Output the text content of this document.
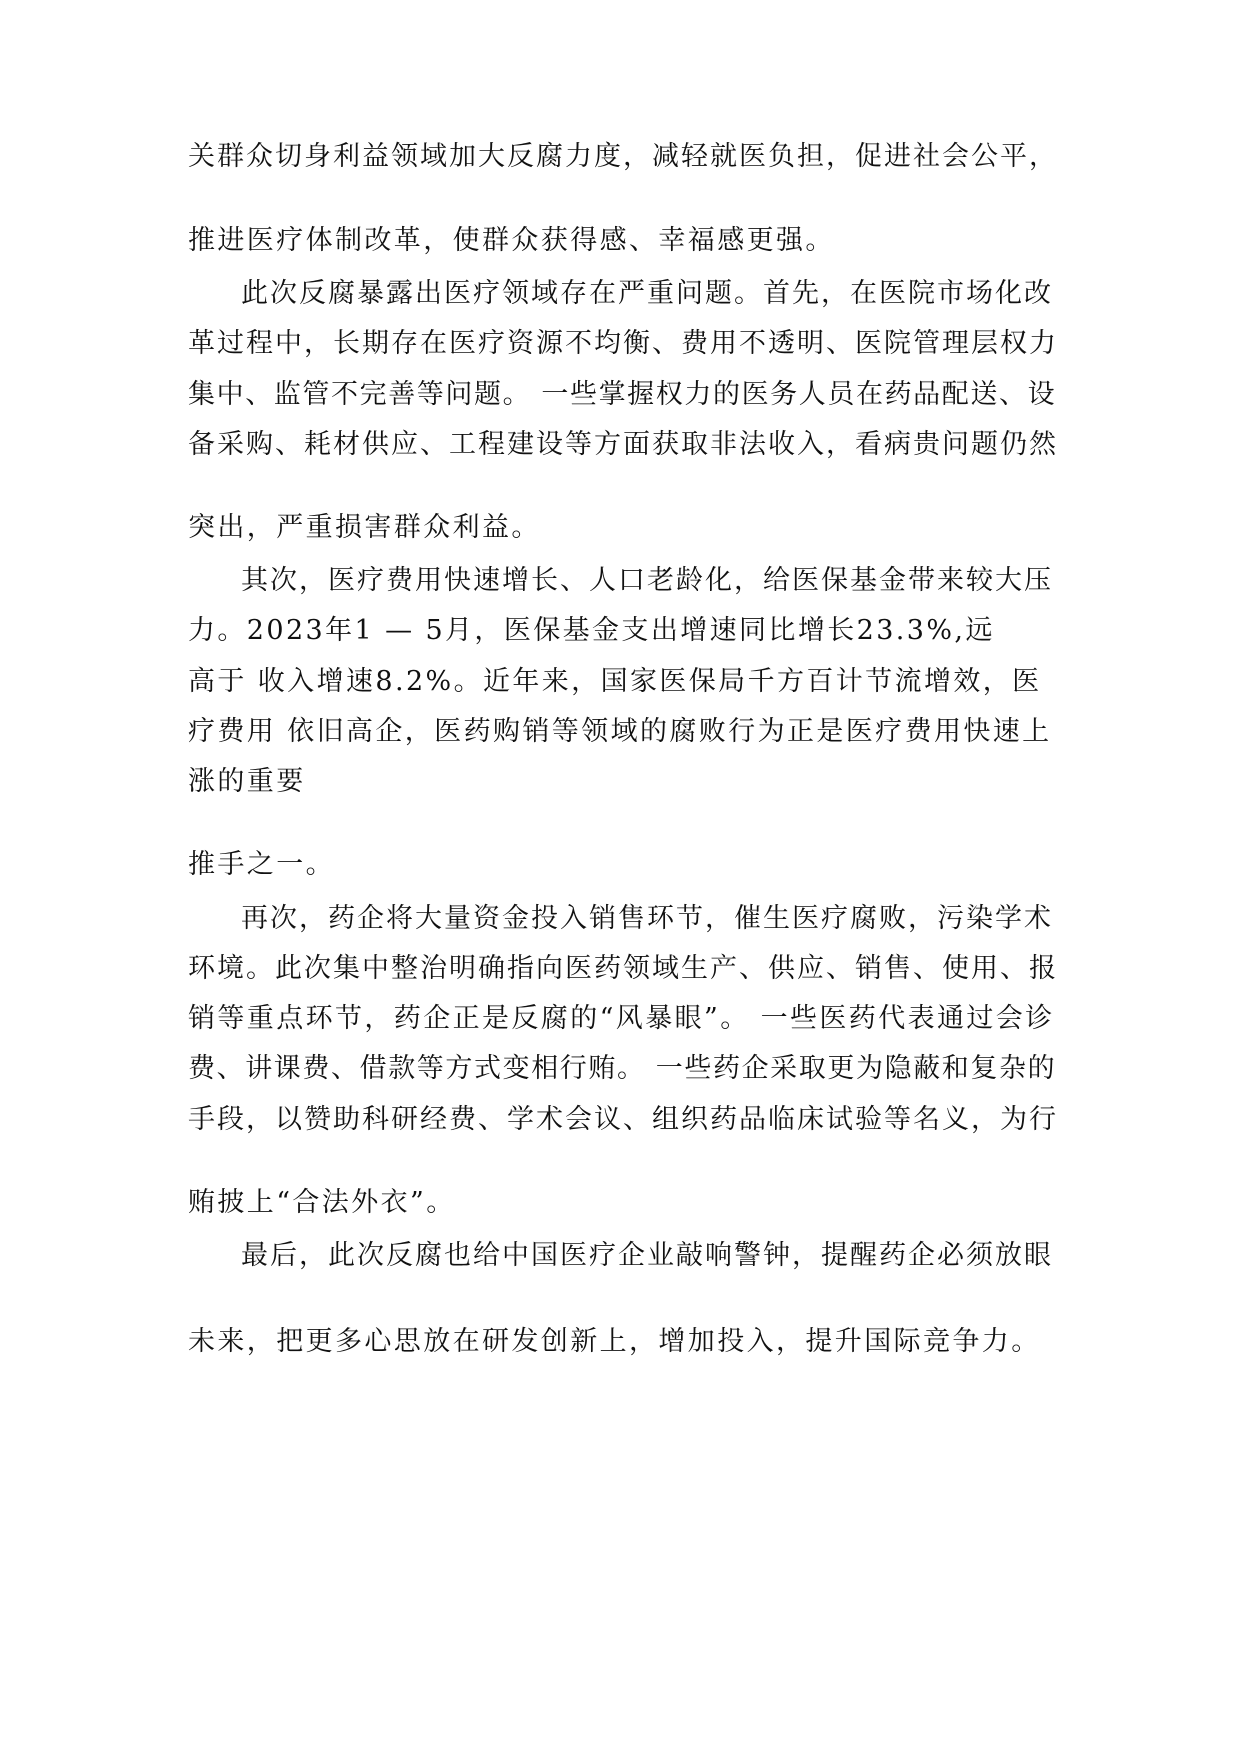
关群众切身利益领域加大反腐力度，减轻就医负担，促进社会公平，
推进医疗体制改革，使群众获得感、幸福感更强。
此次反腐暴露出医疗领域存在严重问题。首先，在医院市场化改
革过程中，长期存在医疗资源不均衡、费用不透明、医院管理层权力
集中、监管不完善等问题。 一些掌握权力的医务人员在药品配送、设
备采购、耗材供应、工程建设等方面获取非法收入，看病贵问题仍然
突出，严重损害群众利益。
其次，医疗费用快速增长、人口老龄化，给医保基金带来较大压
力。2023年1 — 5月，医保基金支出增速同比增长23.3%,远
高于 收入增速8.2%。近年来，国家医保局千方百计节流增效，医
疗费用 依旧高企，医药购销等领域的腐败行为正是医疗费用快速上
涨的重要
推手之一。
再次，药企将大量资金投入销售环节，催生医疗腐败，污染学术
环境。此次集中整治明确指向医药领域生产、供应、销售、使用、报
销等重点环节，药企正是反腐的“风暴眼”。 一些医药代表通过会诊
费、讲课费、借款等方式变相行贿。 一些药企采取更为隐蔽和复杂的
手段，以赞助科研经费、学术会议、组织药品临床试验等名义，为行
贿披上“合法外衣”。
最后，此次反腐也给中国医疗企业敲响警钟，提醒药企必须放眼
未来，把更多心思放在研发创新上，增加投入，提升国际竞争力。
